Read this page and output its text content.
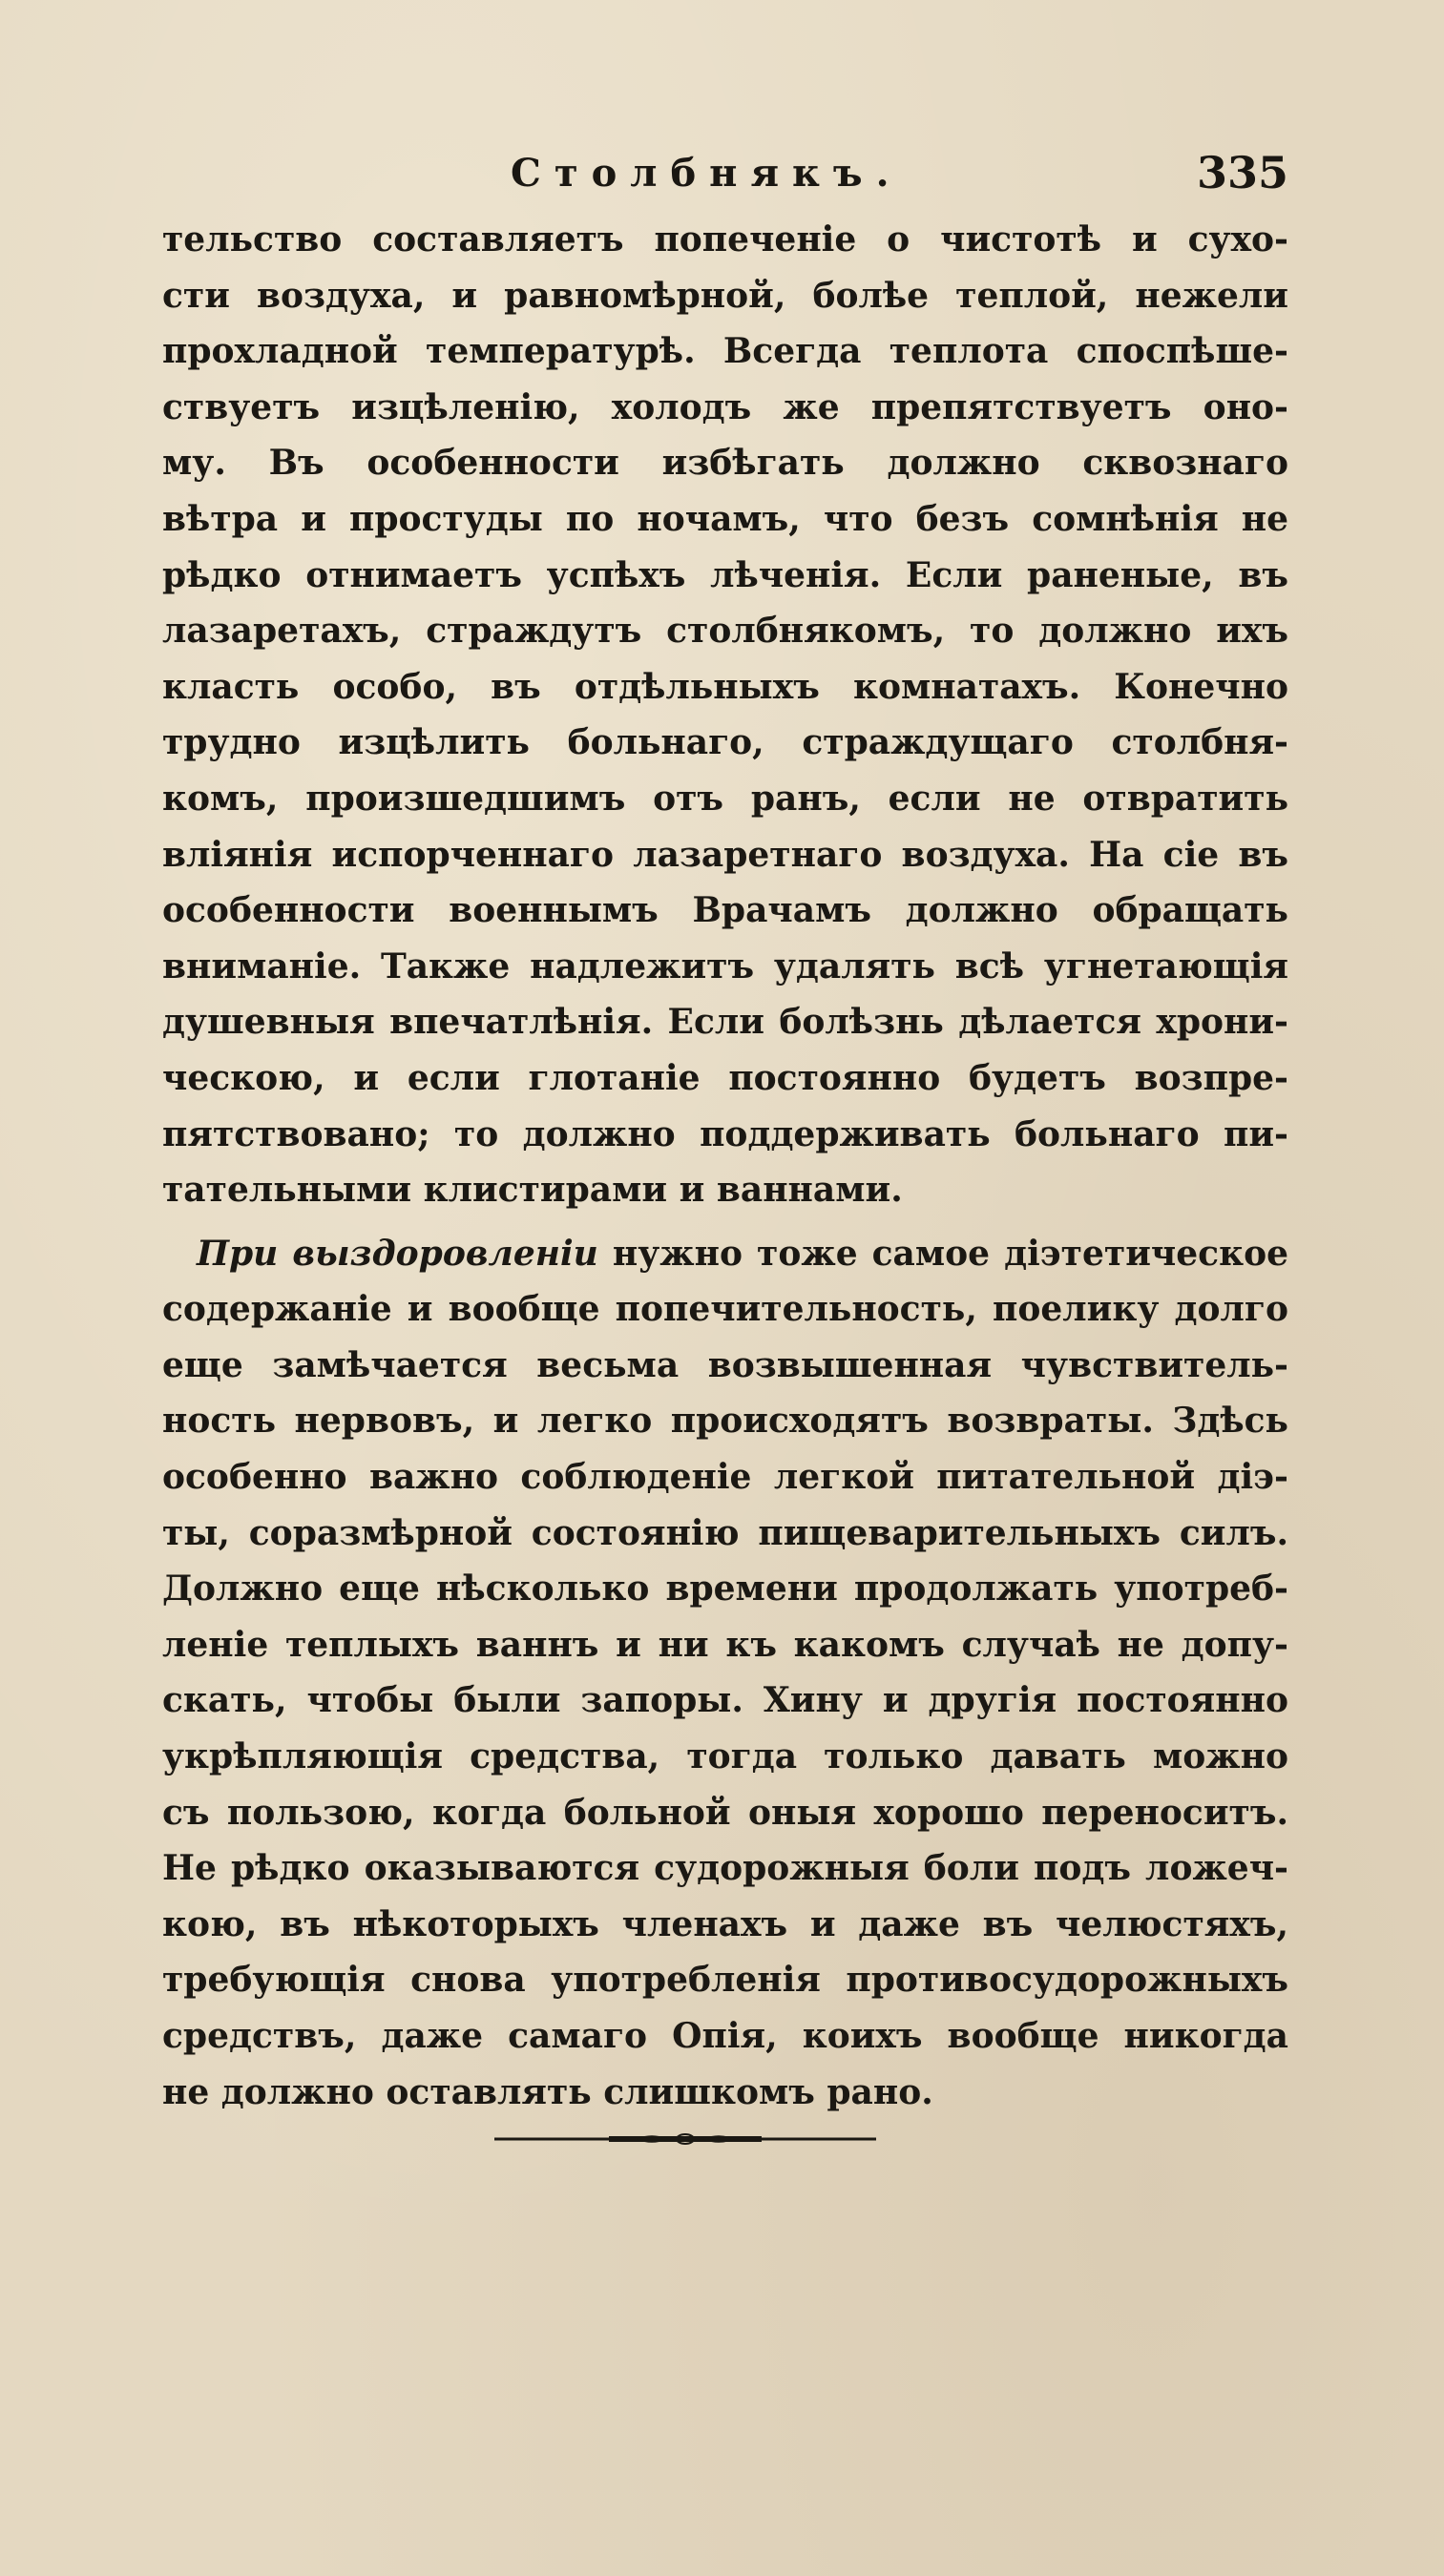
Столбнякъ.	335
тельство составляетъ попеченіе о чистотѣ и сухо-
сти воздуха, и равномѣрной, болѣе теплой, нежели
прохладной температурѣ. Всегда теплота споспѣше-
ствуетъ изцѣленію, холодъ же препятствуетъ оно-
му. Въ особенности избѣгать должно сквознаго
вѣтра и простуды по ночамъ, что безъ сомнѣнія не
рѣдко отнимаетъ успѣхъ лѣченія. Если раненые, въ
лазаретахъ, страждутъ столбнякомъ, то должно ихъ
класть особо, въ отдѣльныхъ комнатахъ. Конечно
трудно изцѣлить больнаго, страждущаго столбня-
комъ, произшедшимъ отъ ранъ, если не отвратить
вліянія испорченнаго лазаретнаго воздуха. На сіе въ
особенности военнымъ Врачамъ должно обращать
вниманіе. Также надлежитъ удалять всѣ угнетающія
душевныя впечатлѣнія. Если болѣзнь дѣлается хрони-
ческою, и если глотаніе постоянно будетъ возпре-
пятствовано; то должно поддерживать больнаго пи-
тательными клистирами и ваннами.
При выздоровленіи нужно тоже самое діэтетическое
содержаніе и вообще попечительность, поелику долго
еще замѣчается весьма возвышенная чувствитель-
ность нервовъ, и легко происходятъ возвраты. Здѣсь
особенно важно соблюденіе легкой питательной діэ-
ты, соразмѣрной состоянію пищеварительныхъ силъ.
Должно еще нѣсколько времени продолжать употреб-
леніе теплыхъ ваннъ и ни къ какомъ случаѣ не допу-
скать, чтобы были запоры. Хину и другія постоянно
укрѣпляющія средства, тогда только давать можно
съ пользою, когда больной оныя хорошо переноситъ.
Не рѣдко оказываются судорожныя боли подъ ложеч-
кою, въ нѣкоторыхъ членахъ и даже въ челюстяхъ,
требующія снова употребленія противосудорожныхъ
средствъ, даже самаго Опія, коихъ вообще никогда
не должно оставлять слишкомъ рано.
